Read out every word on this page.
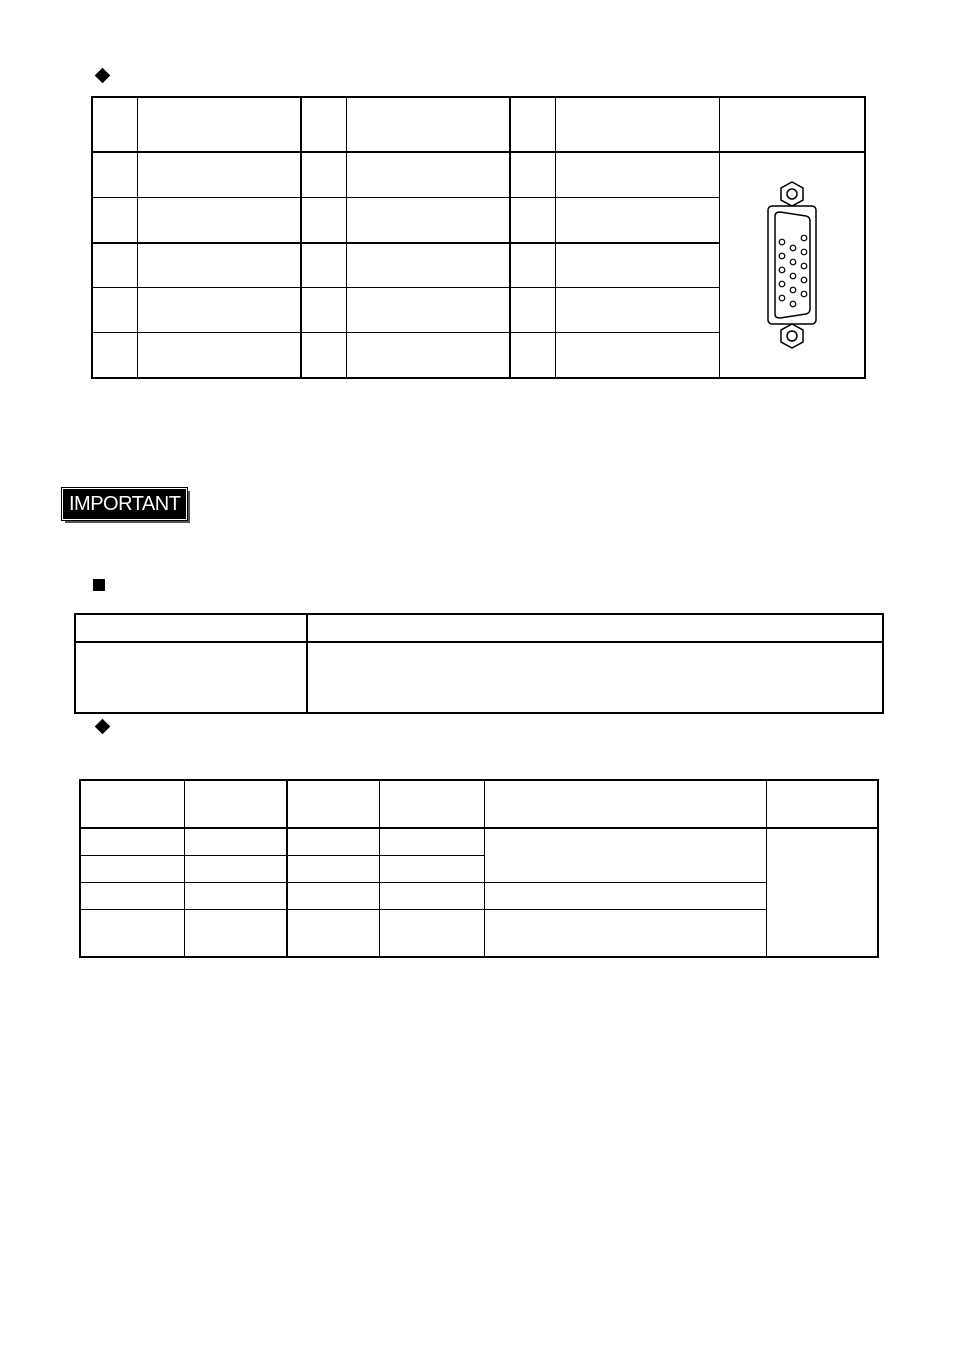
IMPORTANT
